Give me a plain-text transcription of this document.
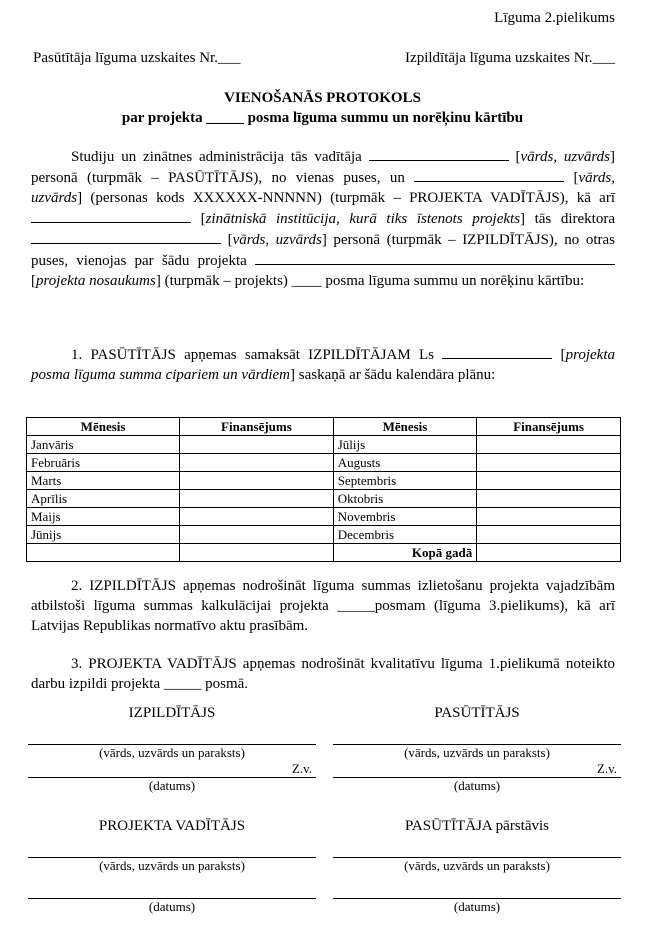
Līguma 2.pielikums
Pasūtītāja līguma uzskaites Nr.___	Izpildītāja līguma uzskaites Nr.___
VIENOŠANĀS PROTOKOLS
par projekta _____ posma līguma summu un norēķinu kārtību
Studiju un zinātnes administrācija tās vadītāja	[vārds, uzvārds] personā (turpmāk – PASŪTĪTĀJS), no vienas puses, un	[vārds, uzvārds] (personas kods XXXXXX-NNNNN) (turpmāk – PROJEKTA VADĪTĀJS), kā arī  [zinātniskā institūcija, kurā tiks īstenots projekts] tās direktora  [vārds, uzvārds] personā (turpmāk – IZPILDĪTĀJS), no otras puses, vienojas par šādu projekta  [projekta nosaukums] (turpmāk – projekts) ____ posma līguma summu un norēķinu kārtību:
1. PASŪTĪTĀJS apņemas samaksāt IZPILDĪTĀJAM Ls	[projekta posma līguma summa cipariem un vārdiem] saskaņā ar šādu kalendāra plānu:
Mēnesis	Finansējums	Mēnesis	Finansējums
Janvāris		Jūlijs	
Februāris		Augusts	
Marts		Septembris	
Aprīlis		Oktobris	
Maijs		Novembris	
Jūnijs		Decembris	
		Kopā gadā	
2. IZPILDĪTĀJS apņemas nodrošināt līguma summas izlietošanu projekta vajadzībām atbilstoši līguma summas kalkulācijai projekta _____posmam (līguma 3.pielikums), kā arī Latvijas Republikas normatīvo aktu prasībām.
3. PROJEKTA VADĪTĀJS apņemas nodrošināt kvalitatīvu līguma 1.pielikumā noteikto darbu izpildi projekta _____ posmā.
IZPILDĪTĀJS
(vārds, uzvārds un paraksts)
Z.v.
(datums)
PASŪTĪTĀJS
(vārds, uzvārds un paraksts)
Z.v.
(datums)
PROJEKTA VADĪTĀJS
(vārds, uzvārds un paraksts)
(datums)
PASŪTĪTĀJA pārstāvis
(vārds, uzvārds un paraksts)
(datums)
